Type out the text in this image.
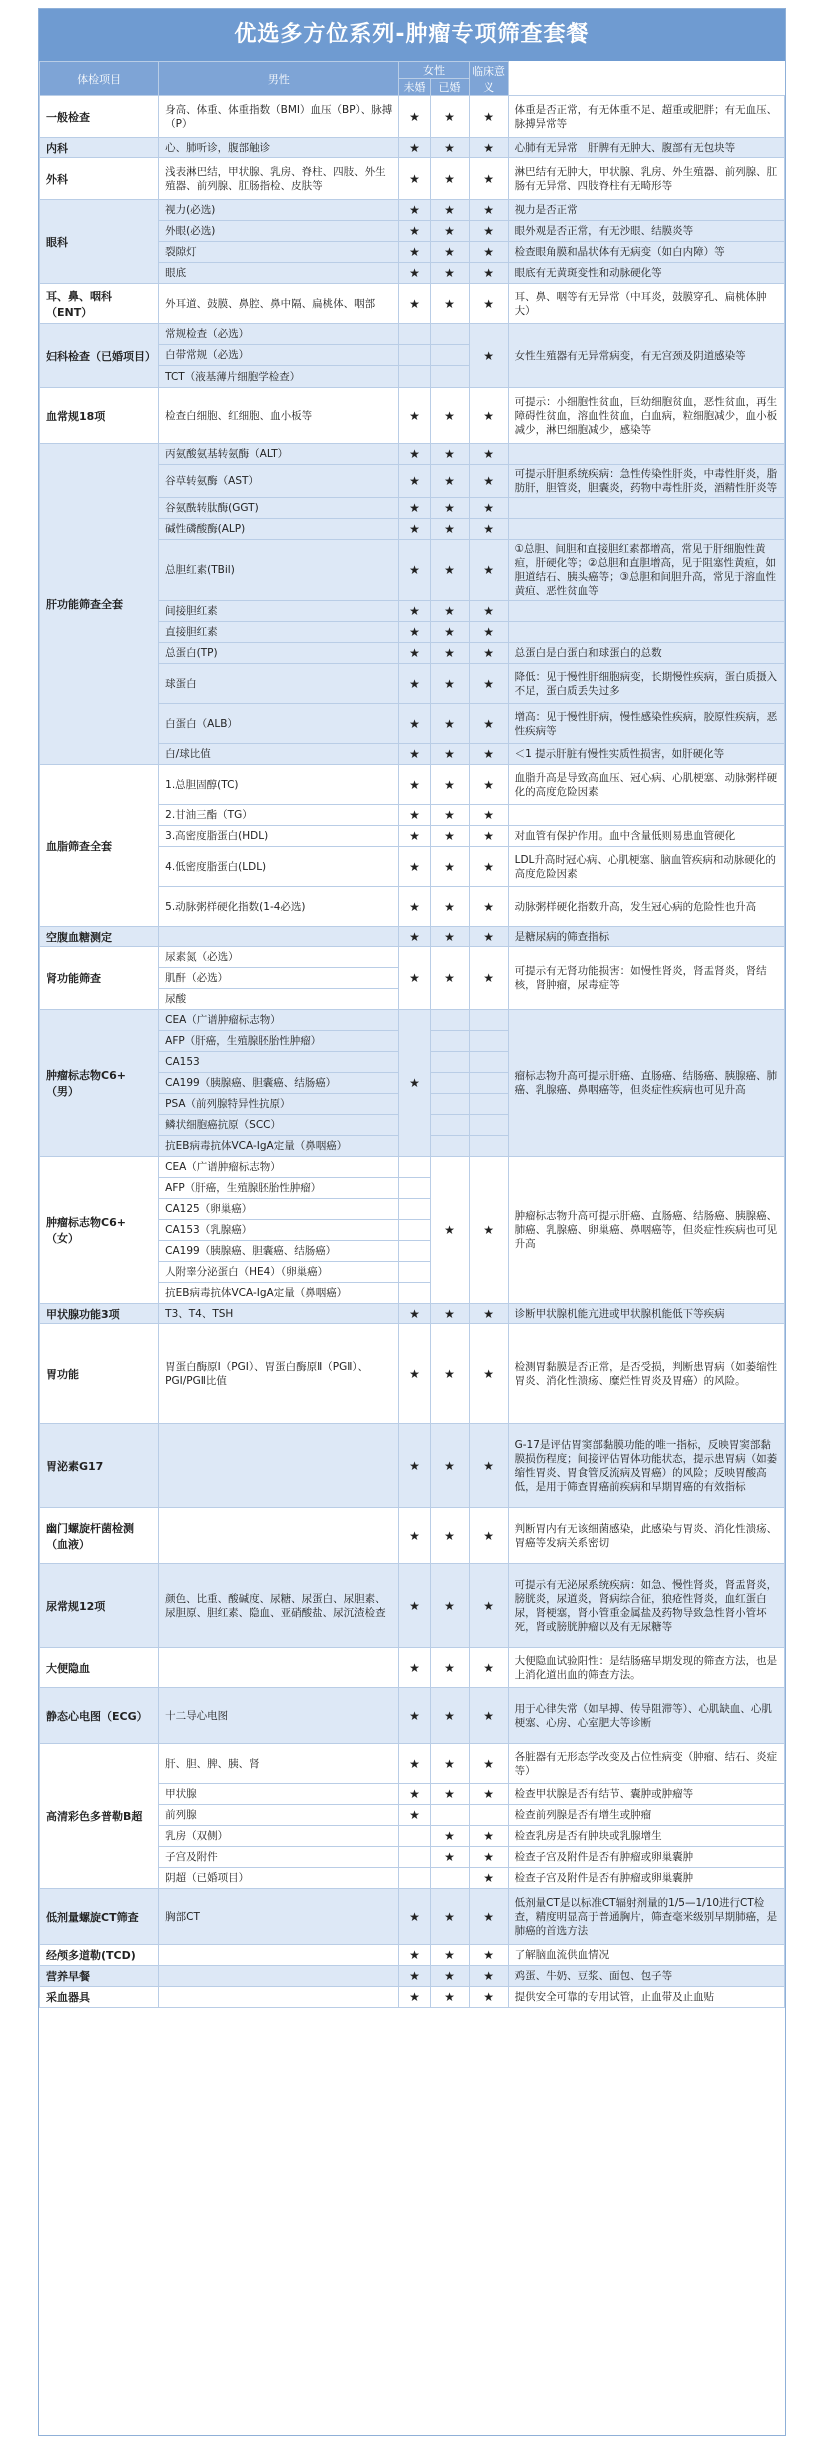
优选多方位系列-肿瘤专项筛查套餐
体检项目	男性	女性		临床意义	
		未婚	已婚		
一般检查	身高、体重、体重指数（BMI）血压（BP）、脉搏（P）	★	★	★	体重是否正常，有无体重不足、超重或肥胖；有无血压、脉搏异常等
内科	心、肺听诊，腹部触诊	★	★	★	心肺有无异常　肝脾有无肿大、腹部有无包块等
外科	浅表淋巴结，甲状腺、乳房、脊柱、四肢、外生殖器、前列腺、肛肠指检、皮肤等	★	★	★	淋巴结有无肿大，甲状腺、乳房、外生殖器、前列腺、肛肠有无异常、四肢脊柱有无畸形等
眼科	视力(必选)	★	★	★	视力是否正常
	外眼(必选)	★	★	★	眼外观是否正常，有无沙眼、结膜炎等
	裂隙灯	★	★	★	检查眼角膜和晶状体有无病变（如白内障）等
	眼底	★	★	★	眼底有无黄斑变性和动脉硬化等
耳、鼻、咽科（ENT）	外耳道、鼓膜、鼻腔、鼻中隔、扁桃体、咽部	★	★	★	耳、鼻、咽等有无异常（中耳炎，鼓膜穿孔、扁桃体肿大）
妇科检查（已婚项目）	常规检查（必选）			★	女性生殖器有无异常病变，有无宫颈及阴道感染等
	白带常规（必选）				
	TCT（液基薄片细胞学检查）				
血常规18项	检查白细胞、红细胞、血小板等	★	★	★	可提示：小细胞性贫血，巨幼细胞贫血，恶性贫血，再生障碍性贫血，溶血性贫血，白血病，粒细胞减少，血小板减少，淋巴细胞减少，感染等
肝功能筛查全套	丙氨酸氨基转氨酶（ALT）	★	★	★	
	谷草转氨酶（AST）	★	★	★	可提示肝胆系统疾病：急性传染性肝炎，中毒性肝炎，脂肪肝，胆管炎，胆囊炎，药物中毒性肝炎，酒精性肝炎等
	谷氨酰转肽酶(GGT)	★	★	★	
	碱性磷酸酶(ALP)	★	★	★	
	总胆红素(TBil)	★	★	★	①总胆、间胆和直接胆红素都增高，常见于肝细胞性黄疸，肝硬化等；②总胆和直胆增高，见于阻塞性黄疸，如胆道结石、胰头癌等；③总胆和间胆升高，常见于溶血性黄疸、恶性贫血等
	间接胆红素	★	★	★	
	直接胆红素	★	★	★	
	总蛋白(TP)	★	★	★	总蛋白是白蛋白和球蛋白的总数
	球蛋白	★	★	★	降低：见于慢性肝细胞病变，长期慢性疾病，蛋白质摄入不足，蛋白质丢失过多
	白蛋白（ALB）	★	★	★	增高：见于慢性肝病，慢性感染性疾病，胶原性疾病，恶性疾病等
	白/球比值	★	★	★	＜1 提示肝脏有慢性实质性损害，如肝硬化等
血脂筛查全套	1.总胆固醇(TC)	★	★	★	血脂升高是导致高血压、冠心病、心肌梗塞、动脉粥样硬化的高度危险因素
	2.甘油三酯（TG）	★	★	★	
	3.高密度脂蛋白(HDL)	★	★	★	对血管有保护作用。血中含量低则易患血管硬化
	4.低密度脂蛋白(LDL)	★	★	★	LDL升高时冠心病、心肌梗塞、脑血管疾病和动脉硬化的高度危险因素
	5.动脉粥样硬化指数(1-4必选)	★	★	★	动脉粥样硬化指数升高，发生冠心病的危险性也升高
空腹血糖测定		★	★	★	是糖尿病的筛查指标
肾功能筛查	尿素氮（必选）	★	★	★	可提示有无肾功能损害：如慢性肾炎，肾盂肾炎，肾结核，肾肿瘤，尿毒症等
	肌酐（必选）				
	尿酸				
肿瘤标志物C6+（男）	CEA（广谱肿瘤标志物）	★			瘤标志物升高可提示肝癌、直肠癌、结肠癌、胰腺癌、肺癌、乳腺癌、鼻咽癌等，但炎症性疾病也可见升高
	AFP（肝癌，生殖腺胚胎性肿瘤）				
	CA153				
	CA199（胰腺癌、胆囊癌、结肠癌）				
	PSA（前列腺特异性抗原）				
	鳞状细胞癌抗原（SCC）				
	抗EB病毒抗体VCA-IgA定量（鼻咽癌）				
肿瘤标志物C6+（女）	CEA（广谱肿瘤标志物）		★	★	肿瘤标志物升高可提示肝癌、直肠癌、结肠癌、胰腺癌、肺癌、乳腺癌、卵巢癌、鼻咽癌等，但炎症性疾病也可见升高
	AFP（肝癌，生殖腺胚胎性肿瘤）				
	CA125（卵巢癌）				
	CA153（乳腺癌）				
	CA199（胰腺癌、胆囊癌、结肠癌）				
	人附睾分泌蛋白（HE4）（卵巢癌）				
	抗EB病毒抗体VCA-IgA定量（鼻咽癌）				
甲状腺功能3项	T3、T4、TSH	★	★	★	诊断甲状腺机能亢进或甲状腺机能低下等疾病
胃功能	胃蛋白酶原Ⅰ（PGⅠ）、胃蛋白酶原Ⅱ（PGⅡ）、PGⅠ/PGⅡ比值	★	★	★	检测胃黏膜是否正常，是否受损，判断患胃病（如萎缩性胃炎、消化性溃疡、糜烂性胃炎及胃癌）的风险。
胃泌素G17		★	★	★	G-17是评估胃窦部黏膜功能的唯一指标，反映胃窦部黏膜损伤程度；间接评估胃体功能状态，提示患胃病（如萎缩性胃炎、胃食管反流病及胃癌）的风险；反映胃酸高低，是用于筛查胃癌前疾病和早期胃癌的有效指标
幽门螺旋杆菌检测（血液）		★	★	★	判断胃内有无该细菌感染，此感染与胃炎、消化性溃疡、胃癌等发病关系密切
尿常规12项	颜色、比重、酸碱度、尿糖、尿蛋白、尿胆素、尿胆原、胆红素、隐血、亚硝酸盐、尿沉渣检查	★	★	★	可提示有无泌尿系统疾病：如急、慢性肾炎，肾盂肾炎，膀胱炎，尿道炎，肾病综合征，狼疮性肾炎，血红蛋白尿，肾梗塞，肾小管重金属盐及药物导致急性肾小管坏死，肾或膀胱肿瘤以及有无尿糖等
大便隐血		★	★	★	大便隐血试验阳性：是结肠癌早期发现的筛查方法，也是上消化道出血的筛查方法。
静态心电图（ECG）	十二导心电图	★	★	★	用于心律失常（如早搏、传导阻滞等）、心肌缺血、心肌梗塞、心房、心室肥大等诊断
高清彩色多普勒B超	肝、胆、脾、胰、肾	★	★	★	各脏器有无形态学改变及占位性病变（肿瘤、结石、炎症等）
	甲状腺	★	★	★	检查甲状腺是否有结节、囊肿或肿瘤等
	前列腺	★			检查前列腺是否有增生或肿瘤
	乳房（双侧）		★	★	检查乳房是否有肿块或乳腺增生
	子宫及附件		★	★	检查子宫及附件是否有肿瘤或卵巢囊肿
	阴超（已婚项目）			★	检查子宫及附件是否有肿瘤或卵巢囊肿
低剂量螺旋CT筛查	胸部CT	★	★	★	低剂量CT是以标准CT辐射剂量的1/5—1/10进行CT检查，精度明显高于普通胸片，筛查毫米级别早期肺癌，是肺癌的首选方法
经颅多道勒(TCD)		★	★	★	了解脑血流供血情况
营养早餐		★	★	★	鸡蛋、牛奶、豆浆、面包、包子等
采血器具		★	★	★	提供安全可靠的专用试管，止血带及止血贴
